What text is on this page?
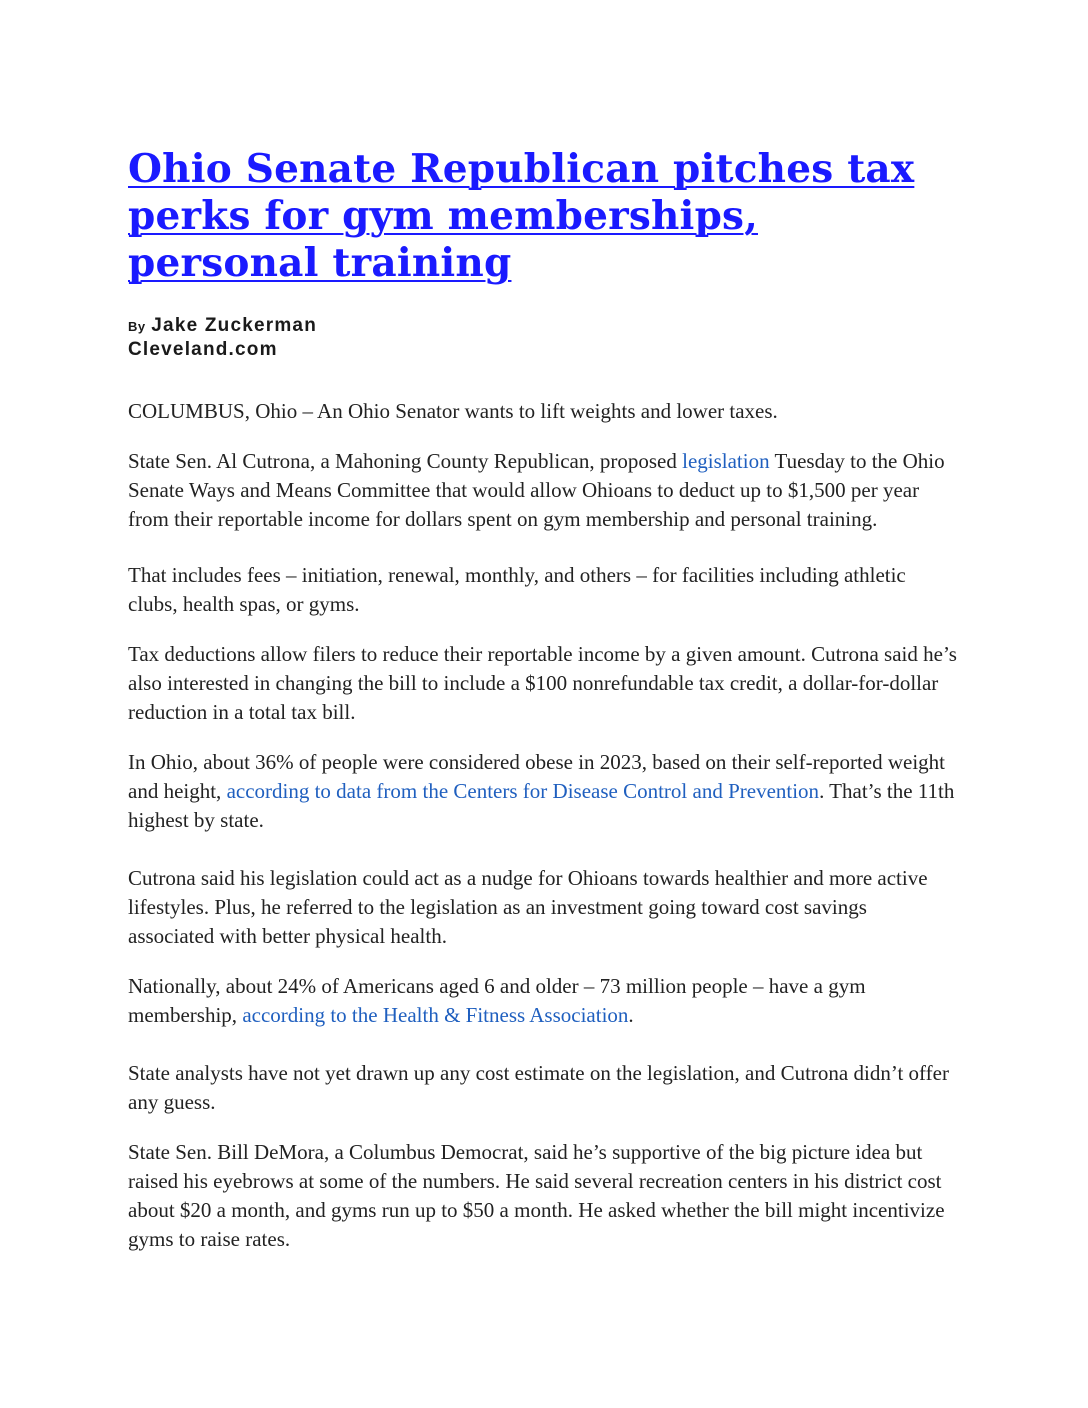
Ohio Senate Republican pitches tax perks for gym memberships, personal training
By Jake Zuckerman
Cleveland.com

COLUMBUS, Ohio – An Ohio Senator wants to lift weights and lower taxes.

State Sen. Al Cutrona, a Mahoning County Republican, proposed legislation Tuesday to the Ohio Senate Ways and Means Committee that would allow Ohioans to deduct up to $1,500 per year from their reportable income for dollars spent on gym membership and personal training.

That includes fees – initiation, renewal, monthly, and others – for facilities including athletic clubs, health spas, or gyms.

Tax deductions allow filers to reduce their reportable income by a given amount. Cutrona said he’s also interested in changing the bill to include a $100 nonrefundable tax credit, a dollar-for-dollar reduction in a total tax bill.

In Ohio, about 36% of people were considered obese in 2023, based on their self-reported weight and height, according to data from the Centers for Disease Control and Prevention. That’s the 11th highest by state.

Cutrona said his legislation could act as a nudge for Ohioans towards healthier and more active lifestyles. Plus, he referred to the legislation as an investment going toward cost savings associated with better physical health.

Nationally, about 24% of Americans aged 6 and older – 73 million people – have a gym membership, according to the Health & Fitness Association.

State analysts have not yet drawn up any cost estimate on the legislation, and Cutrona didn’t offer any guess.

State Sen. Bill DeMora, a Columbus Democrat, said he’s supportive of the big picture idea but raised his eyebrows at some of the numbers. He said several recreation centers in his district cost about $20 a month, and gyms run up to $50 a month. He asked whether the bill might incentivize gyms to raise rates.
